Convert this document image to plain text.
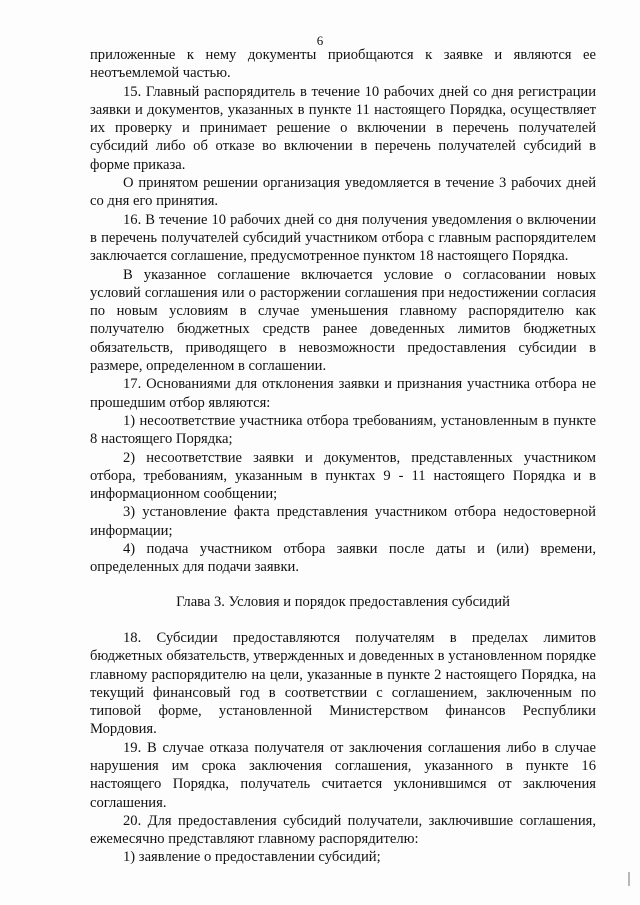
6

приложенные к нему документы приобщаются к заявке и являются ее неотъемлемой частью.

15. Главный распорядитель в течение 10 рабочих дней со дня регистрации заявки и документов, указанных в пункте 11 настоящего Порядка, осуществляет их проверку и принимает решение о включении в перечень получателей субсидий либо об отказе во включении в перечень получателей субсидий в форме приказа.

О принятом решении организация уведомляется в течение 3 рабочих дней со дня его принятия.

16. В течение 10 рабочих дней со дня получения уведомления о включении в перечень получателей субсидий участником отбора с главным распорядителем заключается соглашение, предусмотренное пунктом 18 настоящего Порядка.

В указанное соглашение включается условие о согласовании новых условий соглашения или о расторжении соглашения при недостижении согласия по новым условиям в случае уменьшения главному распорядителю как получателю бюджетных средств ранее доведенных лимитов бюджетных обязательств, приводящего в невозможности предоставления субсидии в размере, определенном в соглашении.

17. Основаниями для отклонения заявки и признания участника отбора не прошедшим отбор являются:

1) несоответствие участника отбора требованиям, установленным в пункте 8 настоящего Порядка;

2) несоответствие заявки и документов, представленных участником отбора, требованиям, указанным в пунктах 9 - 11 настоящего Порядка и в информационном сообщении;

3) установление факта представления участником отбора недостоверной информации;

4) подача участником отбора заявки после даты и (или) времени, определенных для подачи заявки.

Глава 3. Условия и порядок предоставления субсидий

18. Субсидии предоставляются получателям в пределах лимитов бюджетных обязательств, утвержденных и доведенных в установленном порядке главному распорядителю на цели, указанные в пункте 2 настоящего Порядка, на текущий финансовый год в соответствии с соглашением, заключенным по типовой форме, установленной Министерством финансов Республики Мордовия.

19. В случае отказа получателя от заключения соглашения либо в случае нарушения им срока заключения соглашения, указанного в пункте 16 настоящего Порядка, получатель считается уклонившимся от заключения соглашения.

20. Для предоставления субсидий получатели, заключившие соглашения, ежемесячно представляют главному распорядителю:

1) заявление о предоставлении субсидий;
